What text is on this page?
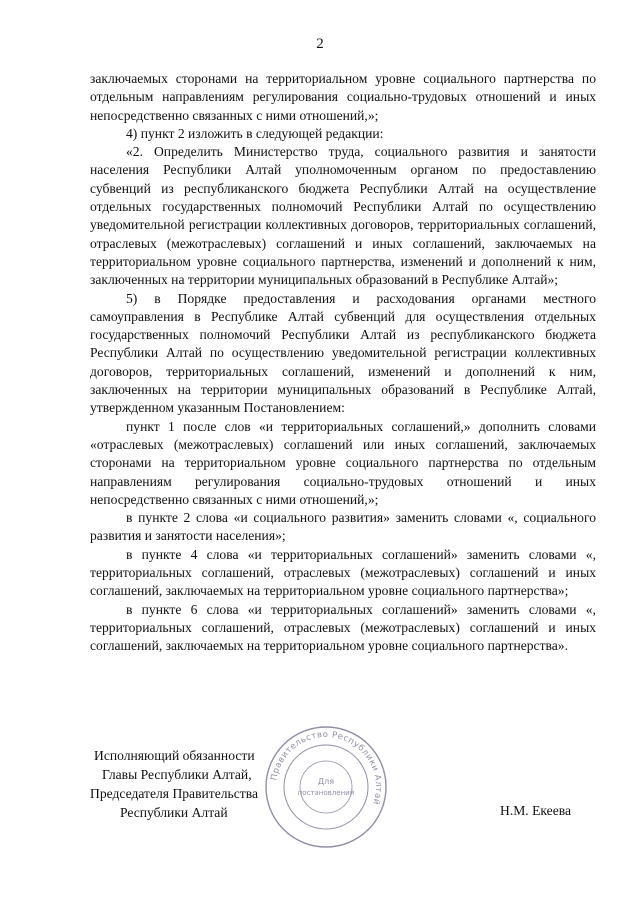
2

заключаемых сторонами на территориальном уровне социального партнерства по отдельным направлениям регулирования социально-трудовых отношений и иных непосредственно связанных с ними отношений,»;

4) пункт 2 изложить в следующей редакции:

«2. Определить Министерство труда, социального развития и занятости населения Республики Алтай уполномоченным органом по предоставлению субвенций из республиканского бюджета Республики Алтай на осуществление отдельных государственных полномочий Республики Алтай по осуществлению уведомительной регистрации коллективных договоров, территориальных соглашений, отраслевых (межотраслевых) соглашений и иных соглашений, заключаемых на территориальном уровне социального партнерства, изменений и дополнений к ним, заключенных на территории муниципальных образований в Республике Алтай»;

5) в Порядке предоставления и расходования органами местного самоуправления в Республике Алтай субвенций для осуществления отдельных государственных полномочий Республики Алтай из республиканского бюджета Республики Алтай по осуществлению уведомительной регистрации коллективных договоров, территориальных соглашений, изменений и дополнений к ним, заключенных на территории муниципальных образований в Республике Алтай, утвержденном указанным Постановлением:

пункт 1 после слов «и территориальных соглашений,» дополнить словами «отраслевых (межотраслевых) соглашений или иных соглашений, заключаемых сторонами на территориальном уровне социального партнерства по отдельным направлениям регулирования социально-трудовых отношений и иных непосредственно связанных с ними отношений,»;

в пункте 2 слова «и социального развития» заменить словами «, социального развития и занятости населения»;

в пункте 4 слова «и территориальных соглашений» заменить словами «, территориальных соглашений, отраслевых (межотраслевых) соглашений и иных соглашений, заключаемых на территориальном уровне социального партнерства»;

в пункте 6 слова «и территориальных соглашений» заменить словами «, территориальных соглашений, отраслевых (межотраслевых) соглашений и иных соглашений, заключаемых на территориальном уровне социального партнерства».

Исполняющий обязанности
Главы Республики Алтай,
Председателя Правительства
Республики Алтай	Н.М. Екеева
Правительство Республики Алтай
Для
постановлений
